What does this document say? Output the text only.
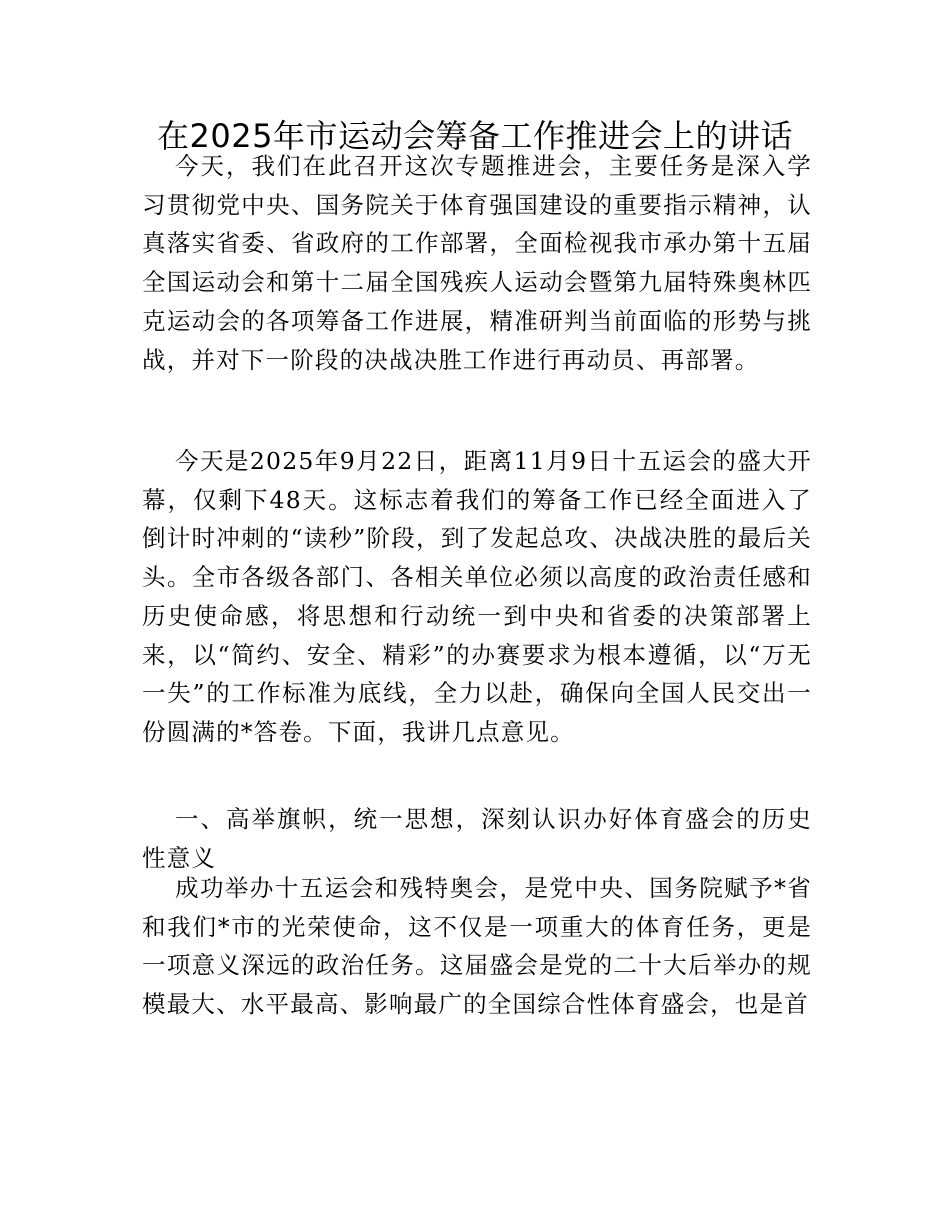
在2025年市运动会筹备工作推进会上的讲话

今天，我们在此召开这次专题推进会，主要任务是深入学习贯彻党中央、国务院关于体育强国建设的重要指示精神，认真落实省委、省政府的工作部署，全面检视我市承办第十五届全国运动会和第十二届全国残疾人运动会暨第九届特殊奥林匹克运动会的各项筹备工作进展，精准研判当前面临的形势与挑战，并对下一阶段的决战决胜工作进行再动员、再部署。

今天是2025年9月22日，距离11月9日十五运会的盛大开幕，仅剩下48天。这标志着我们的筹备工作已经全面进入了倒计时冲刺的“读秒”阶段，到了发起总攻、决战决胜的最后关头。全市各级各部门、各相关单位必须以高度的政治责任感和历史使命感，将思想和行动统一到中央和省委的决策部署上来，以“简约、安全、精彩”的办赛要求为根本遵循，以“万无一失”的工作标准为底线，全力以赴，确保向全国人民交出一份圆满的*答卷。下面，我讲几点意见。

一、高举旗帜，统一思想，深刻认识办好体育盛会的历史性意义

成功举办十五运会和残特奥会，是党中央、国务院赋予*省和我们*市的光荣使命，这不仅是一项重大的体育任务，更是一项意义深远的政治任务。这届盛会是党的二十大后举办的规模最大、水平最高、影响最广的全国综合性体育盛会，也是首
